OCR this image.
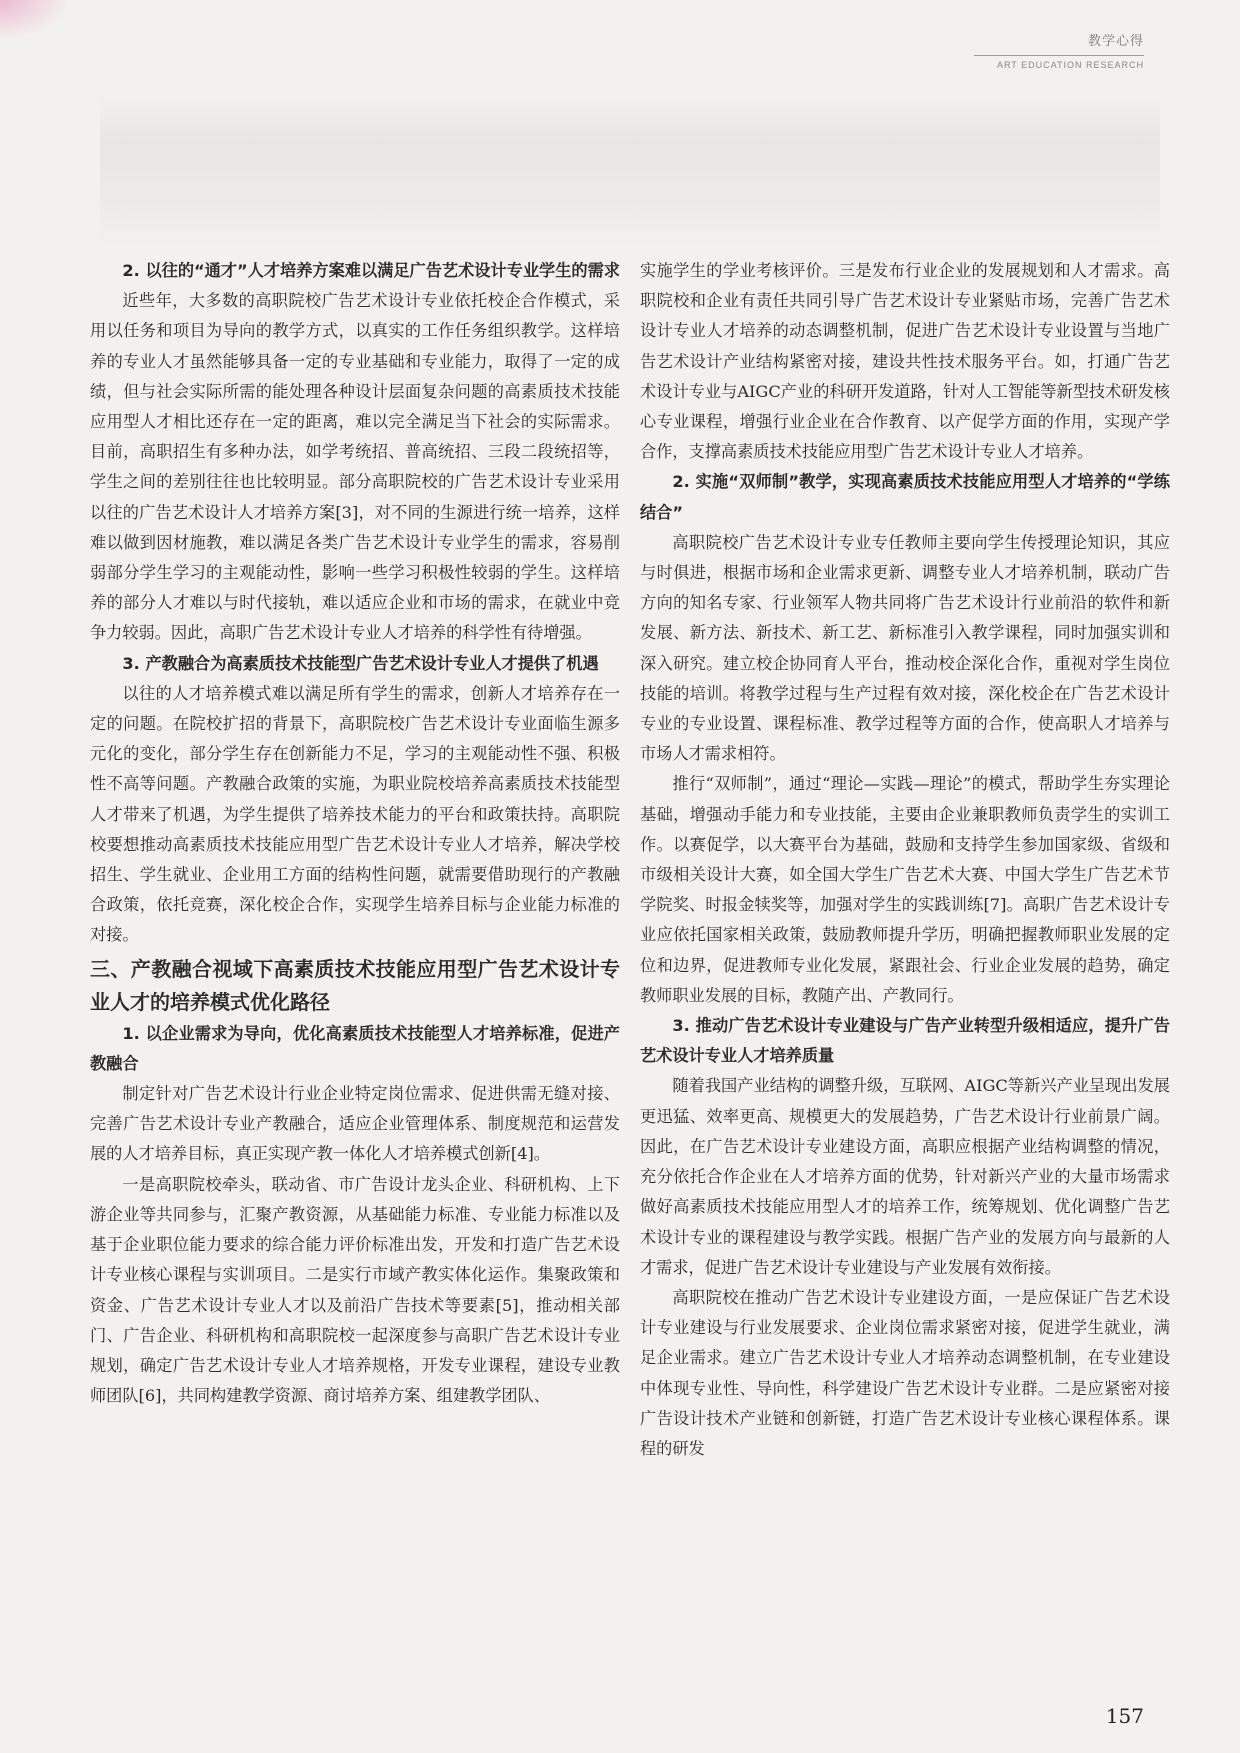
教学心得
ART EDUCATION RESEARCH
2. 以往的“通才”人才培养方案难以满足广告艺术设计专业学生的需求

近些年，大多数的高职院校广告艺术设计专业依托校企合作模式，采用以任务和项目为导向的教学方式，以真实的工作任务组织教学。这样培养的专业人才虽然能够具备一定的专业基础和专业能力，取得了一定的成绩，但与社会实际所需的能处理各种设计层面复杂问题的高素质技术技能应用型人才相比还存在一定的距离，难以完全满足当下社会的实际需求。目前，高职招生有多种办法，如学考统招、普高统招、三段二段统招等，学生之间的差别往往也比较明显。部分高职院校的广告艺术设计专业采用以往的广告艺术设计人才培养方案[3]，对不同的生源进行统一培养，这样难以做到因材施教，难以满足各类广告艺术设计专业学生的需求，容易削弱部分学生学习的主观能动性，影响一些学习积极性较弱的学生。这样培养的部分人才难以与时代接轨，难以适应企业和市场的需求，在就业中竞争力较弱。因此，高职广告艺术设计专业人才培养的科学性有待增强。

3. 产教融合为高素质技术技能型广告艺术设计专业人才提供了机遇

以往的人才培养模式难以满足所有学生的需求，创新人才培养存在一定的问题。在院校扩招的背景下，高职院校广告艺术设计专业面临生源多元化的变化，部分学生存在创新能力不足，学习的主观能动性不强、积极性不高等问题。产教融合政策的实施，为职业院校培养高素质技术技能型人才带来了机遇，为学生提供了培养技术能力的平台和政策扶持。高职院校要想推动高素质技术技能应用型广告艺术设计专业人才培养，解决学校招生、学生就业、企业用工方面的结构性问题，就需要借助现行的产教融合政策，依托竞赛，深化校企合作，实现学生培养目标与企业能力标准的对接。

三、产教融合视域下高素质技术技能应用型广告艺术设计专业人才的培养模式优化路径
1. 以企业需求为导向，优化高素质技术技能型人才培养标准，促进产教融合

制定针对广告艺术设计行业企业特定岗位需求、促进供需无缝对接、完善广告艺术设计专业产教融合，适应企业管理体系、制度规范和运营发展的人才培养目标，真正实现产教一体化人才培养模式创新[4]。

一是高职院校牵头，联动省、市广告设计龙头企业、科研机构、上下游企业等共同参与，汇聚产教资源，从基础能力标准、专业能力标准以及基于企业职位能力要求的综合能力评价标准出发，开发和打造广告艺术设计专业核心课程与实训项目。二是实行市域产教实体化运作。集聚政策和资金、广告艺术设计专业人才以及前沿广告技术等要素[5]，推动相关部门、广告企业、科研机构和高职院校一起深度参与高职广告艺术设计专业规划，确定广告艺术设计专业人才培养规格，开发专业课程，建设专业教师团队[6]，共同构建教学资源、商讨培养方案、组建教学团队、

实施学生的学业考核评价。三是发布行业企业的发展规划和人才需求。高职院校和企业有责任共同引导广告艺术设计专业紧贴市场，完善广告艺术设计专业人才培养的动态调整机制，促进广告艺术设计专业设置与当地广告艺术设计产业结构紧密对接，建设共性技术服务平台。如，打通广告艺术设计专业与AIGC产业的科研开发道路，针对人工智能等新型技术研发核心专业课程，增强行业企业在合作教育、以产促学方面的作用，实现产学合作，支撑高素质技术技能应用型广告艺术设计专业人才培养。

2. 实施“双师制”教学，实现高素质技术技能应用型人才培养的“学练结合”

高职院校广告艺术设计专业专任教师主要向学生传授理论知识，其应与时俱进，根据市场和企业需求更新、调整专业人才培养机制，联动广告方向的知名专家、行业领军人物共同将广告艺术设计行业前沿的软件和新发展、新方法、新技术、新工艺、新标准引入教学课程，同时加强实训和深入研究。建立校企协同育人平台，推动校企深化合作，重视对学生岗位技能的培训。将教学过程与生产过程有效对接，深化校企在广告艺术设计专业的专业设置、课程标准、教学过程等方面的合作，使高职人才培养与市场人才需求相符。

推行“双师制”，通过“理论—实践—理论”的模式，帮助学生夯实理论基础，增强动手能力和专业技能，主要由企业兼职教师负责学生的实训工作。以赛促学，以大赛平台为基础，鼓励和支持学生参加国家级、省级和市级相关设计大赛，如全国大学生广告艺术大赛、中国大学生广告艺术节学院奖、时报金犊奖等，加强对学生的实践训练[7]。高职广告艺术设计专业应依托国家相关政策，鼓励教师提升学历，明确把握教师职业发展的定位和边界，促进教师专业化发展，紧跟社会、行业企业发展的趋势，确定教师职业发展的目标，教随产出、产教同行。

3. 推动广告艺术设计专业建设与广告产业转型升级相适应，提升广告艺术设计专业人才培养质量

随着我国产业结构的调整升级，互联网、AIGC等新兴产业呈现出发展更迅猛、效率更高、规模更大的发展趋势，广告艺术设计行业前景广阔。因此，在广告艺术设计专业建设方面，高职应根据产业结构调整的情况，充分依托合作企业在人才培养方面的优势，针对新兴产业的大量市场需求做好高素质技术技能应用型人才的培养工作，统筹规划、优化调整广告艺术设计专业的课程建设与教学实践。根据广告产业的发展方向与最新的人才需求，促进广告艺术设计专业建设与产业发展有效衔接。

高职院校在推动广告艺术设计专业建设方面，一是应保证广告艺术设计专业建设与行业发展要求、企业岗位需求紧密对接，促进学生就业，满足企业需求。建立广告艺术设计专业人才培养动态调整机制，在专业建设中体现专业性、导向性，科学建设广告艺术设计专业群。二是应紧密对接广告设计技术产业链和创新链，打造广告艺术设计专业核心课程体系。课程的研发

157
